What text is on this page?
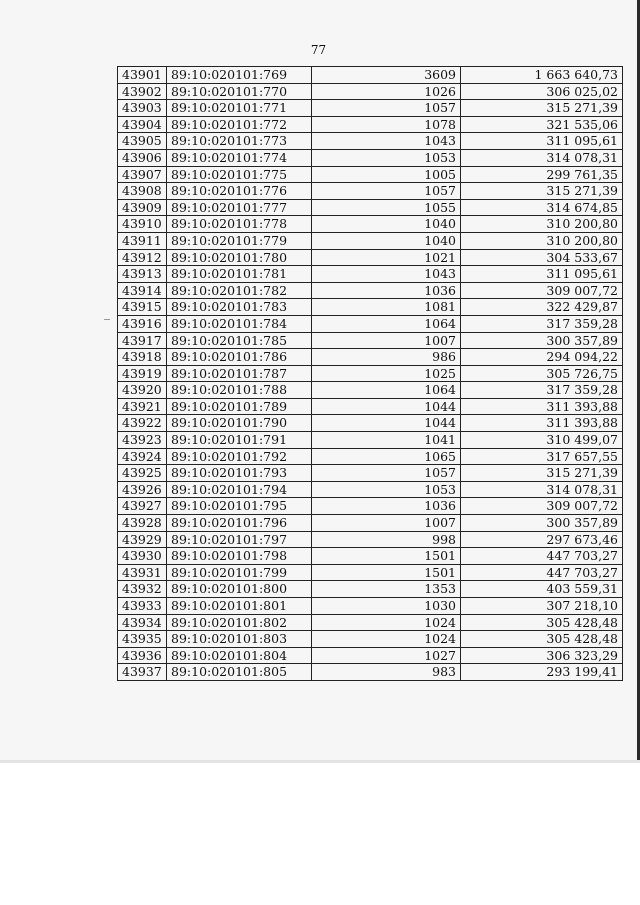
77
43901	89:10:020101:769	3609	1 663 640,73
43902	89:10:020101:770	1026	306 025,02
43903	89:10:020101:771	1057	315 271,39
43904	89:10:020101:772	1078	321 535,06
43905	89:10:020101:773	1043	311 095,61
43906	89:10:020101:774	1053	314 078,31
43907	89:10:020101:775	1005	299 761,35
43908	89:10:020101:776	1057	315 271,39
43909	89:10:020101:777	1055	314 674,85
43910	89:10:020101:778	1040	310 200,80
43911	89:10:020101:779	1040	310 200,80
43912	89:10:020101:780	1021	304 533,67
43913	89:10:020101:781	1043	311 095,61
43914	89:10:020101:782	1036	309 007,72
43915	89:10:020101:783	1081	322 429,87
43916	89:10:020101:784	1064	317 359,28
43917	89:10:020101:785	1007	300 357,89
43918	89:10:020101:786	986	294 094,22
43919	89:10:020101:787	1025	305 726,75
43920	89:10:020101:788	1064	317 359,28
43921	89:10:020101:789	1044	311 393,88
43922	89:10:020101:790	1044	311 393,88
43923	89:10:020101:791	1041	310 499,07
43924	89:10:020101:792	1065	317 657,55
43925	89:10:020101:793	1057	315 271,39
43926	89:10:020101:794	1053	314 078,31
43927	89:10:020101:795	1036	309 007,72
43928	89:10:020101:796	1007	300 357,89
43929	89:10:020101:797	998	297 673,46
43930	89:10:020101:798	1501	447 703,27
43931	89:10:020101:799	1501	447 703,27
43932	89:10:020101:800	1353	403 559,31
43933	89:10:020101:801	1030	307 218,10
43934	89:10:020101:802	1024	305 428,48
43935	89:10:020101:803	1024	305 428,48
43936	89:10:020101:804	1027	306 323,29
43937	89:10:020101:805	983	293 199,41
